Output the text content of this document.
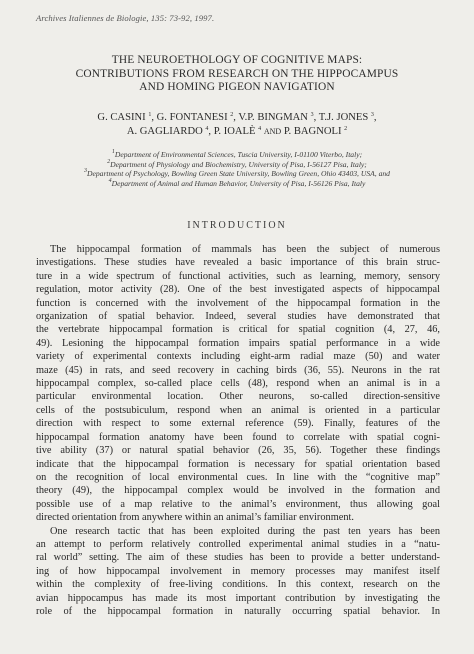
Archives Italiennes de Biologie, 135: 73-92, 1997.
THE NEUROETHOLOGY OF COGNITIVE MAPS:
CONTRIBUTIONS FROM RESEARCH ON THE HIPPOCAMPUS
AND HOMING PIGEON NAVIGATION
G. CASINI $^1$, G. FONTANESI $^2$, V.P. BINGMAN $^3$, T.J. JONES $^3$,
A. GAGLIARDO $^4$, P. IOALÈ $^4$ AND P. BAGNOLI $^2$
$^1$Department of Environmental Sciences, Tuscia University, I-01100 Viterbo, Italy;
$^2$Department of Physiology and Biochemistry, University of Pisa, I-56127 Pisa, Italy;
$^3$Department of Psychology, Bowling Green State University, Bowling Green, Ohio 43403, USA, and
$^4$Department of Animal and Human Behavior, University of Pisa, I-56126 Pisa, Italy
INTRODUCTION
The hippocampal formation of mammals has been the subject of numerous
investigations. These studies have revealed a basic importance of this brain struc-
ture in a wide spectrum of functional activities, such as learning, memory, sensory
regulation, motor activity (28). One of the best investigated aspects of hippocampal
function is concerned with the involvement of the hippocampal formation in the
organization of spatial behavior. Indeed, several studies have demonstrated that
the vertebrate hippocampal formation is critical for spatial cognition (4, 27, 46,
49). Lesioning the hippocampal formation impairs spatial performance in a wide
variety of experimental contexts including eight-arm radial maze (50) and water
maze (45) in rats, and seed recovery in caching birds (36, 55). Neurons in the rat
hippocampal complex, so-called place cells (48), respond when an animal is in a
particular environmental location. Other neurons, so-called direction-sensitive
cells of the postsubiculum, respond when an animal is oriented in a particular
direction with respect to some external reference (59). Finally, features of the
hippocampal formation anatomy have been found to correlate with spatial cogni-
tive ability (37) or natural spatial behavior (26, 35, 56). Together these findings
indicate that the hippocampal formation is necessary for spatial orientation based
on the recognition of local environmental cues. In line with the “cognitive map”
theory (49), the hippocampal complex would be involved in the formation and
possible use of a map relative to the animal’s environment, thus allowing goal
directed orientation from anywhere within an animal’s familiar environment.
One research tactic that has been exploited during the past ten years has been
an attempt to perform relatively controlled experimental animal studies in a “natu-
ral world” setting. The aim of these studies has been to provide a better understand-
ing of how hippocampal involvement in memory processes may manifest itself
within the complexity of free-living conditions. In this context, research on the
avian hippocampus has made its most important contribution by investigating the
role of the hippocampal formation in naturally occurring spatial behavior. In
